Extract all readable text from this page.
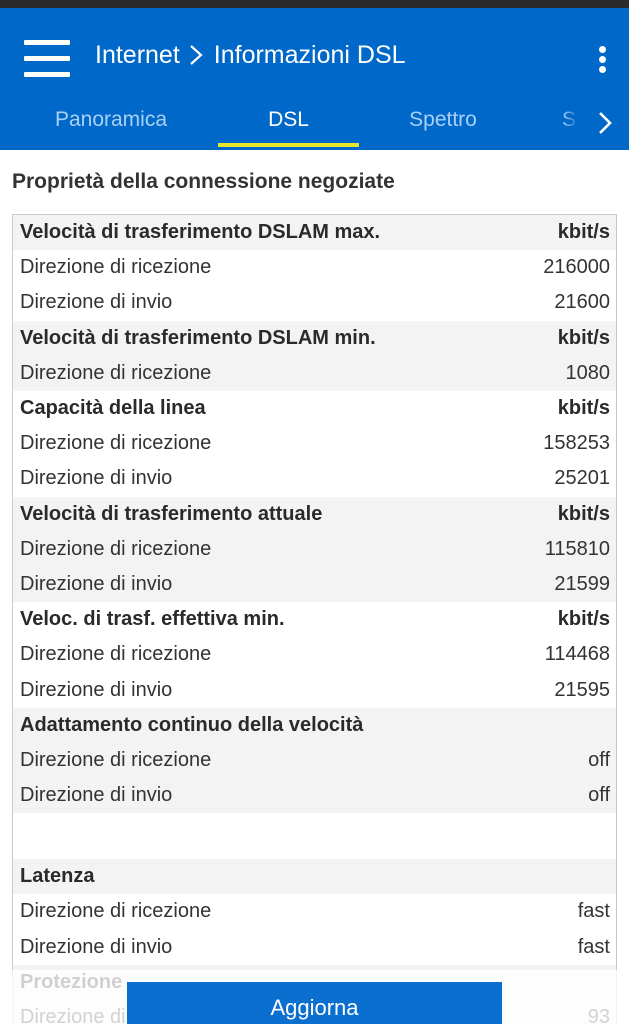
Internet Informazioni DSL
Panoramica	DSL	Spettro	S
Proprietà della connessione negoziate
Velocità di trasferimento DSLAM max.	kbit/s
Direzione di ricezione	216000
Direzione di invio	21600
Velocità di trasferimento DSLAM min.	kbit/s
Direzione di ricezione	1080
Capacità della linea	kbit/s
Direzione di ricezione	158253
Direzione di invio	25201
Velocità di trasferimento attuale	kbit/s
Direzione di ricezione	115810
Direzione di invio	21599
Veloc. di trasf. effettiva min.	kbit/s
Direzione di ricezione	114468
Direzione di invio	21595
Adattamento continuo della velocità
Direzione di ricezione	off
Direzione di invio	off
Latenza
Direzione di ricezione	fast
Direzione di invio	fast
Aggiorna
